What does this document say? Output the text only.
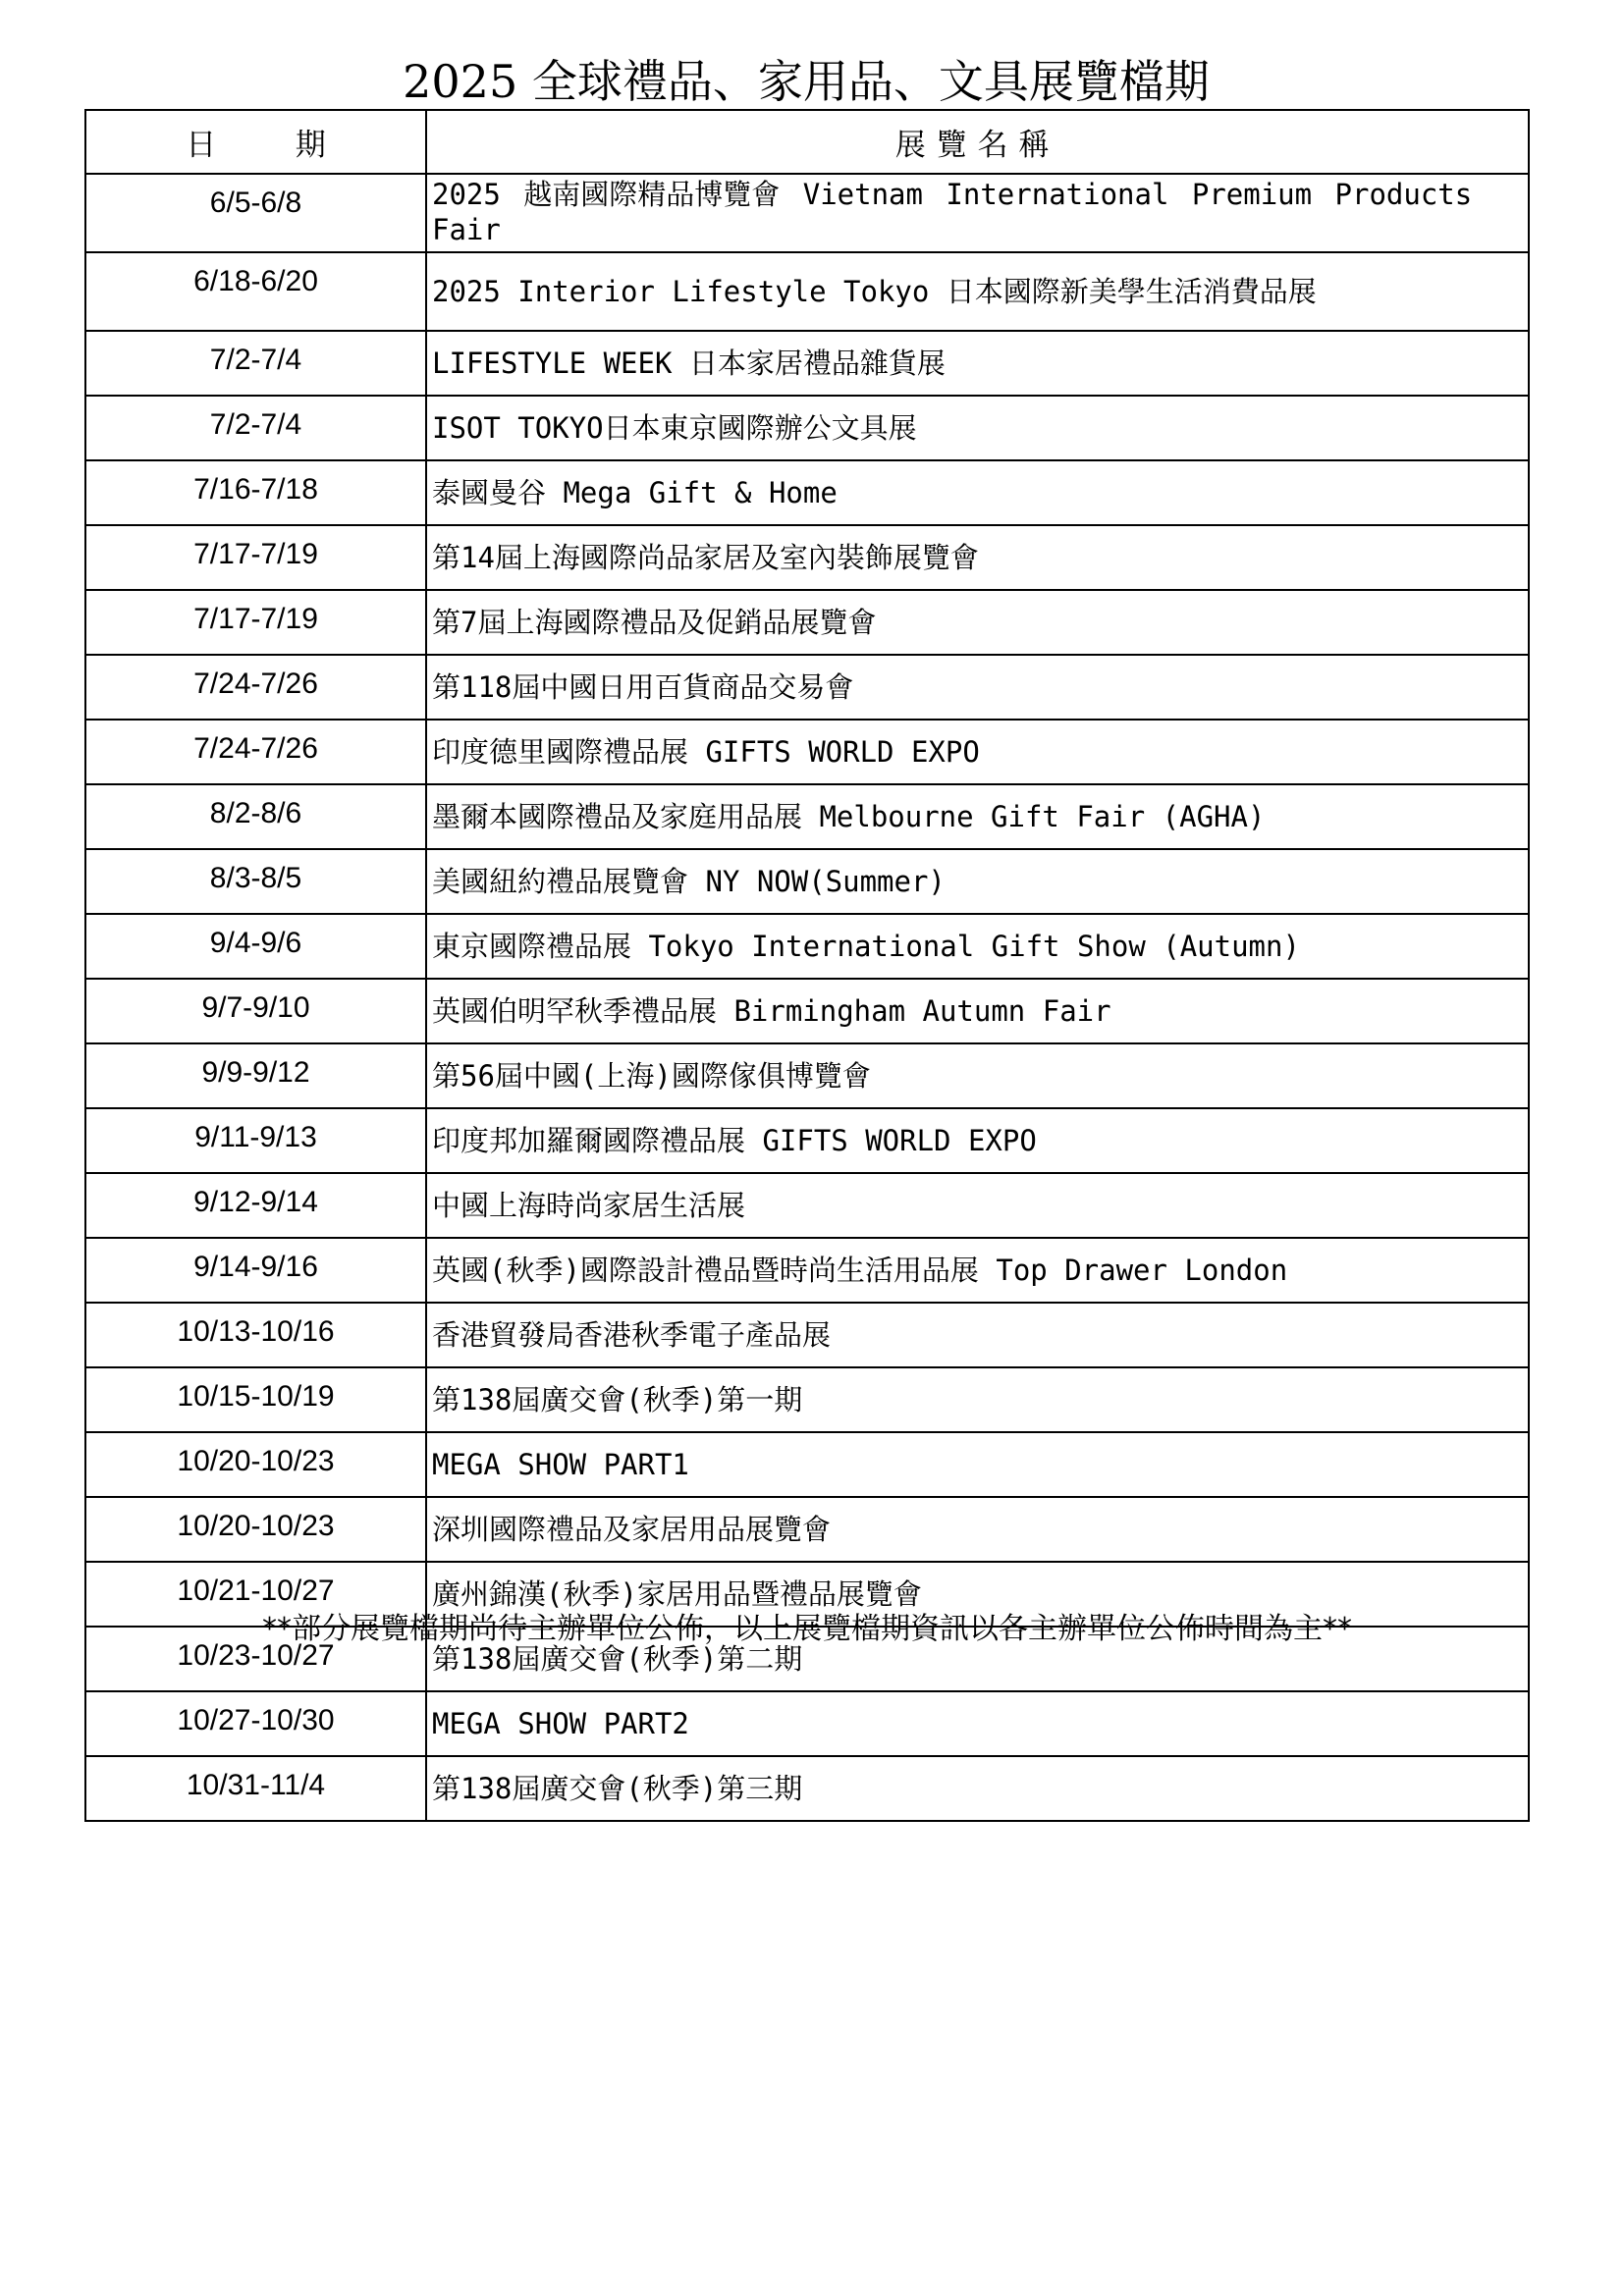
2025 全球禮品、家用品、文具展覽檔期
日期	展覽名稱
6/5-6/8	2025 越南國際精品博覽會 Vietnam International Premium Products Fair
6/18-6/20	2025 Interior Lifestyle Tokyo 日本國際新美學生活消費品展
7/2-7/4	LIFESTYLE WEEK 日本家居禮品雜貨展
7/2-7/4	ISOT TOKYO日本東京國際辦公文具展
7/16-7/18	泰國曼谷 Mega Gift & Home
7/17-7/19	第14屆上海國際尚品家居及室內裝飾展覽會
7/17-7/19	第7屆上海國際禮品及促銷品展覽會
7/24-7/26	第118屆中國日用百貨商品交易會
7/24-7/26	印度德里國際禮品展 GIFTS WORLD EXPO
8/2-8/6	墨爾本國際禮品及家庭用品展 Melbourne Gift Fair (AGHA)
8/3-8/5	美國紐約禮品展覽會 NY NOW(Summer)
9/4-9/6	東京國際禮品展 Tokyo International Gift Show (Autumn)
9/7-9/10	英國伯明罕秋季禮品展 Birmingham Autumn Fair
9/9-9/12	第56屆中國(上海)國際傢俱博覽會
9/11-9/13	印度邦加羅爾國際禮品展 GIFTS WORLD EXPO
9/12-9/14	中國上海時尚家居生活展
9/14-9/16	英國(秋季)國際設計禮品暨時尚生活用品展 Top Drawer London
10/13-10/16	香港貿發局香港秋季電子產品展
10/15-10/19	第138屆廣交會(秋季)第一期
10/20-10/23	MEGA SHOW PART1
10/20-10/23	深圳國際禮品及家居用品展覽會
10/21-10/27	廣州錦漢(秋季)家居用品暨禮品展覽會
10/23-10/27	第138屆廣交會(秋季)第二期
10/27-10/30	MEGA SHOW PART2
10/31-11/4	第138屆廣交會(秋季)第三期
**部分展覽檔期尚待主辦單位公佈，以上展覽檔期資訊以各主辦單位公佈時間為主**
